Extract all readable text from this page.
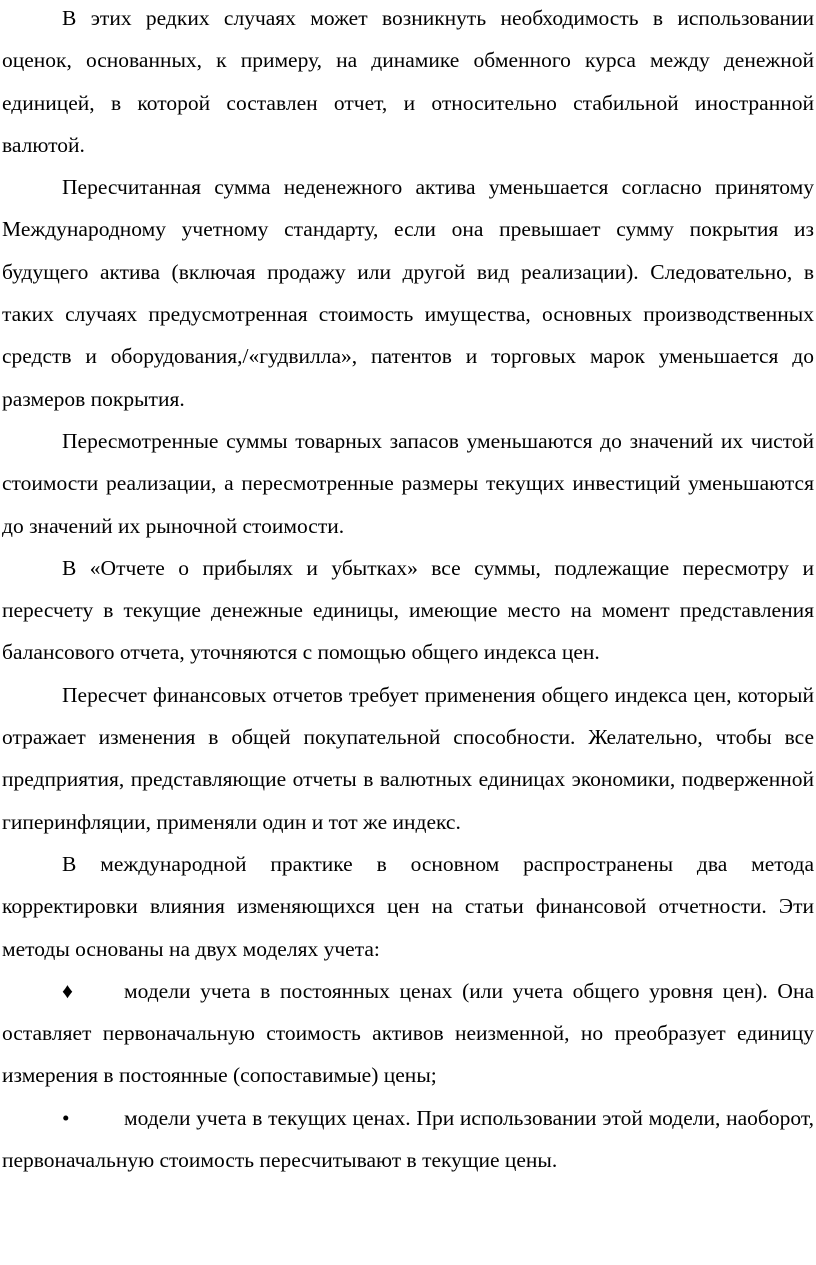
В этих редких случаях может возникнуть необходимость в использовании оценок, основанных, к примеру, на динамике обменного курса между денежной единицей, в которой составлен отчет, и относительно стабильной иностранной валютой.

Пересчитанная сумма неденежного актива уменьшается согласно принятому Международному учетному стандарту, если она превышает сумму покрытия из будущего актива (включая продажу или другой вид реализации). Следовательно, в таких случаях предусмотренная стоимость имущества, основных производственных средств и оборудования,/«гудвилла», патентов и торговых марок уменьшается до размеров покрытия.

Пересмотренные суммы товарных запасов уменьшаются до значений их чистой стоимости реализации, а пересмотренные размеры текущих инвестиций уменьшаются до значений их рыночной стоимости.

В «Отчете о прибылях и убытках» все суммы, подлежащие пересмотру и пересчету в текущие денежные единицы, имеющие место на момент представления балансового отчета, уточняются с помощью общего индекса цен.

Пересчет финансовых отчетов требует применения общего индекса цен, который отражает изменения в общей покупательной способности. Желательно, чтобы все предприятия, представляющие отчеты в валютных единицах экономики, подверженной гиперинфляции, применяли один и тот же индекс.

В международной практике в основном распространены два метода корректировки влияния изменяющихся цен на статьи финансовой отчетности. Эти методы основаны на двух моделях учета:

♦ модели учета в постоянных ценах (или учета общего уровня цен). Она оставляет первоначальную стоимость активов неизменной, но преобразует единицу измерения в постоянные (сопоставимые) цены;

•	модели учета в текущих ценах. При использовании этой модели, наоборот, первоначальную стоимость пересчитывают в текущие цены.
